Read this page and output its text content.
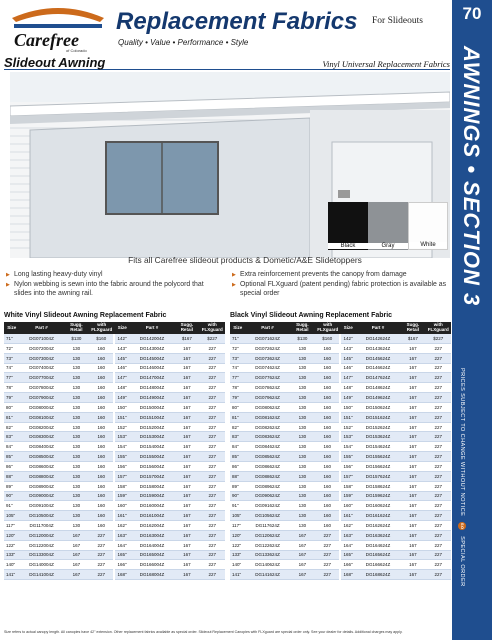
70
AWNINGS • SECTION 3
PRICES SUBJECT TO CHANGE WITHOUT NOTICE SO SPECIAL ORDER
Carefree
of Colorado
Replacement Fabrics
Quality • Value • Performance • Style
For Slideouts
Slideout Awning	Vinyl Universal Replacement Fabrics
Black	Gray	White
Fits all Carefree slideout products & Dometic/A&E Slidetoppers
▶ Long lasting heavy-duty vinyl
▶ Nylon webbing is sewn into the fabric around the polycord that slides into the awning rail.
▶ Extra reinforcement prevents the canopy from damage
▶ Optional FLXguard (patent pending) fabric protection is available as special order
White Vinyl Slideout Awning Replacement Fabric	Black Vinyl Slideout Awning Replacement Fabric
Size	Part #	Sugg. Retail	with FLXguard	Size	Part #	Sugg. Retail	with FLXguard
71"	DG071004Z	$130	$160	142"	DG142004Z	$167	$227
72"	DG072004Z	130	160	143"	DG143004Z	167	227
73"	DG073004Z	130	160	145"	DG145004Z	167	227
74"	DG074004Z	130	160	146"	DG146004Z	167	227
77"	DG077004Z	130	160	147"	DG147004Z	167	227
78"	DG078004Z	130	160	148"	DG148004Z	167	227
79"	DG079004Z	130	160	149"	DG149004Z	167	227
80"	DG080004Z	130	160	150"	DG150004Z	167	227
81"	DG081004Z	130	160	151"	DG151004Z	167	227
82"	DG082004Z	130	160	152"	DG152004Z	167	227
83"	DG083004Z	130	160	153"	DG153004Z	167	227
84"	DG084004Z	130	160	154"	DG154004Z	167	227
85"	DG085004Z	130	160	155"	DG155004Z	167	227
86"	DG086004Z	130	160	156"	DG156004Z	167	227
88"	DG088004Z	130	160	157"	DG157004Z	167	227
89"	DG089004Z	130	160	158"	DG158004Z	167	227
90"	DG090004Z	130	160	159"	DG159004Z	167	227
91"	DG091004Z	130	160	160"	DG160004Z	167	227
105"	DG105004Z	130	160	161"	DG161004Z	167	227
117"	DG117004Z	130	160	162"	DG162004Z	167	227
120"	DG120004Z	167	227	163"	DG163004Z	167	227
122"	DG122004Z	167	227	164"	DG164004Z	167	227
133"	DG133004Z	167	227	165"	DG165004Z	167	227
140"	DG140004Z	167	227	166"	DG166004Z	167	227
141"	DG141004Z	167	227	168"	DG168004Z	167	227
Size	Part #	Sugg. Retail	with FLXguard	Size	Part #	Sugg. Retail	with FLXguard
71"	DG071624Z	$130	$160	142"	DG142624Z	$167	$227
72"	DG072624Z	130	160	143"	DG143624Z	167	227
73"	DG073624Z	130	160	145"	DG145624Z	167	227
74"	DG074624Z	130	160	146"	DG146624Z	167	227
77"	DG077624Z	130	160	147"	DG147624Z	167	227
78"	DG078624Z	130	160	148"	DG148624Z	167	227
79"	DG079624Z	130	160	149"	DG149624Z	167	227
80"	DG080624Z	130	160	150"	DG150624Z	167	227
81"	DG081624Z	130	160	151"	DG151624Z	167	227
82"	DG082624Z	130	160	152"	DG152624Z	167	227
83"	DG083624Z	130	160	153"	DG153624Z	167	227
84"	DG084624Z	130	160	154"	DG154624Z	167	227
85"	DG085624Z	130	160	155"	DG155624Z	167	227
86"	DG086624Z	130	160	156"	DG156624Z	167	227
88"	DG088624Z	130	160	157"	DG157624Z	167	227
89"	DG089624Z	130	160	158"	DG158624Z	167	227
90"	DG090624Z	130	160	159"	DG159624Z	167	227
91"	DG091624Z	130	160	160"	DG160624Z	167	227
105"	DG105624Z	130	160	161"	DG161624Z	167	227
117"	DG117624Z	130	160	162"	DG162624Z	167	227
120"	DG120624Z	167	227	163"	DG163624Z	167	227
122"	DG122624Z	167	227	164"	DG164624Z	167	227
133"	DG133624Z	167	227	165"	DG165624Z	167	227
140"	DG140624Z	167	227	166"	DG166624Z	167	227
141"	DG141624Z	167	227	168"	DG168624Z	167	227
Size refers to actual canopy length. All canopies have 42" extension. Other replacement fabrics available as special order. Slideout Replacement Canopies with FLXguard are special order only. See your dealer for details. Additional charges may apply.
